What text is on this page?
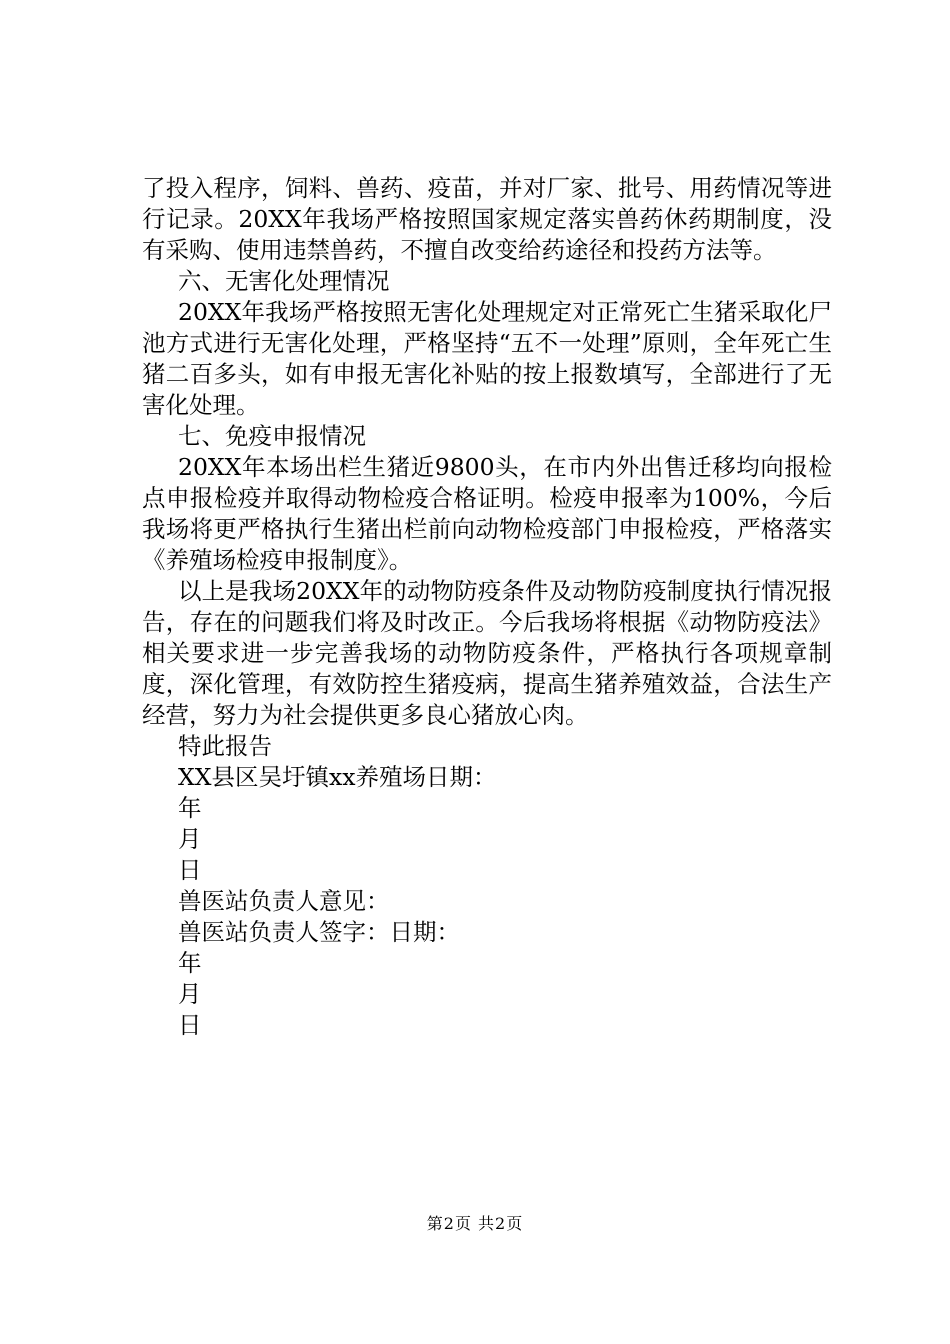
了投入程序，饲料、兽药、疫苗，并对厂家、批号、用药情况等进行记录。20XX年我场严格按照国家规定落实兽药休药期制度，没有采购、使用违禁兽药，不擅自改变给药途径和投药方法等。

六、无害化处理情况

20XX年我场严格按照无害化处理规定对正常死亡生猪采取化尸池方式进行无害化处理，严格坚持“五不一处理”原则，全年死亡生猪二百多头，如有申报无害化补贴的按上报数填写，全部进行了无害化处理。

七、免疫申报情况

20XX年本场出栏生猪近9800头，在市内外出售迁移均向报检点申报检疫并取得动物检疫合格证明。检疫申报率为100%，今后我场将更严格执行生猪出栏前向动物检疫部门申报检疫，严格落实《养殖场检疫申报制度》。

以上是我场20XX年的动物防疫条件及动物防疫制度执行情况报告，存在的问题我们将及时改正。今后我场将根据《动物防疫法》相关要求进一步完善我场的动物防疫条件，严格执行各项规章制度，深化管理，有效防控生猪疫病，提高生猪养殖效益，合法生产经营，努力为社会提供更多良心猪放心肉。

特此报告

XX县区吴圩镇xx养殖场日期：

年

月

日

兽医站负责人意见：

兽医站负责人签字：日期：

年

月

日

第2页 共2页
